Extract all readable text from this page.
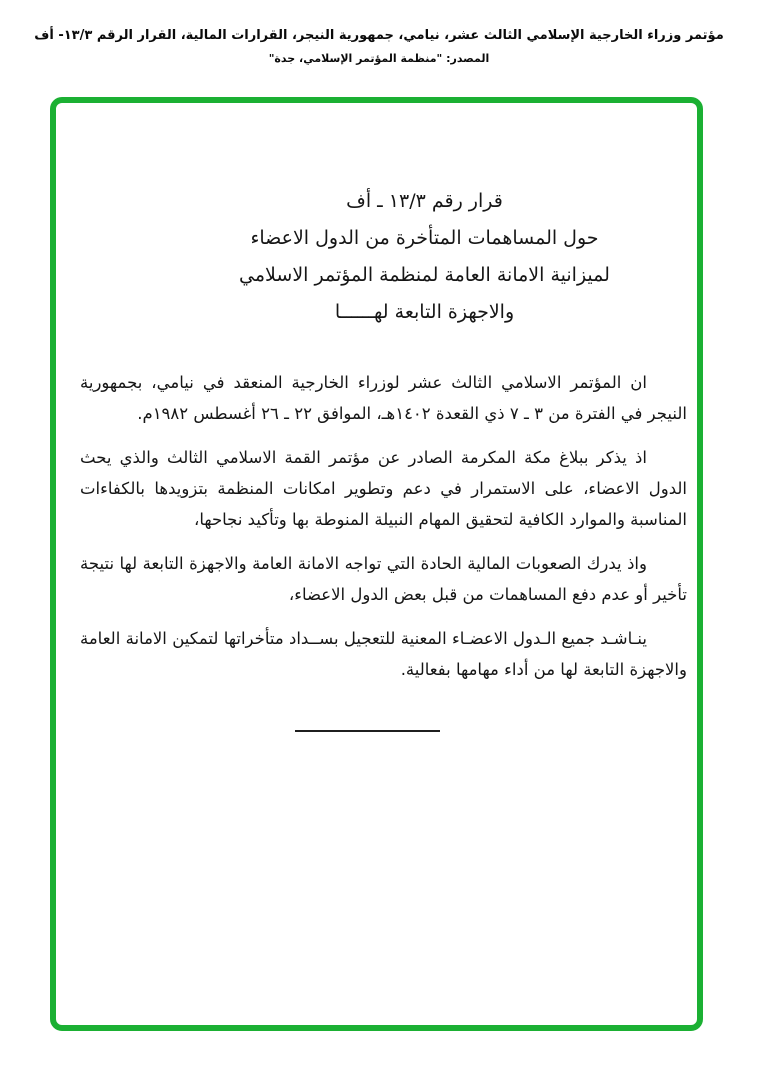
مؤتمر وزراء الخارجية الإسلامي الثالث عشر، نيامي، جمهورية النيجر، القرارات المالية، القرار الرقم ١٣/٣- أف
المصدر: "منظمة المؤتمر الإسلامي، جدة"
قرار رقم ١٣/٣ ـ أف
حول المساهمات المتأخرة من الدول الاعضاء
لميزانية الامانة العامة لمنظمة المؤتمر الاسلامي
والاجهزة التابعة لهــــــا

ان المؤتمر الاسلامي الثالث عشر لوزراء الخارجية المنعقد في نيامي، بجمهورية النيجر في الفترة من ٣ ـ ٧ ذي القعدة ١٤٠٢هـ، الموافق ٢٢ ـ ٢٦ أغسطس ١٩٨٢م.

اذ يذكر ببلاغ مكة المكرمة الصادر عن مؤتمر القمة الاسلامي الثالث والذي يحث الدول الاعضاء، على الاستمرار في دعم وتطوير امكانات المنظمة بتزويدها بالكفاءات المناسبة والموارد الكافية لتحقيق المهام النبيلة المنوطة بها وتأكيد نجاحها،

واذ يدرك الصعوبات المالية الحادة التي تواجه الامانة العامة والاجهزة التابعة لها نتيجة تأخير أو عدم دفع المساهمات من قبل بعض الدول الاعضاء،

ينـاشـد جميع الـدول الاعضـاء المعنية للتعجيل بســداد متأخراتها لتمكين الامانة العامة والاجهزة التابعة لها من أداء مهامها بفعالية.
